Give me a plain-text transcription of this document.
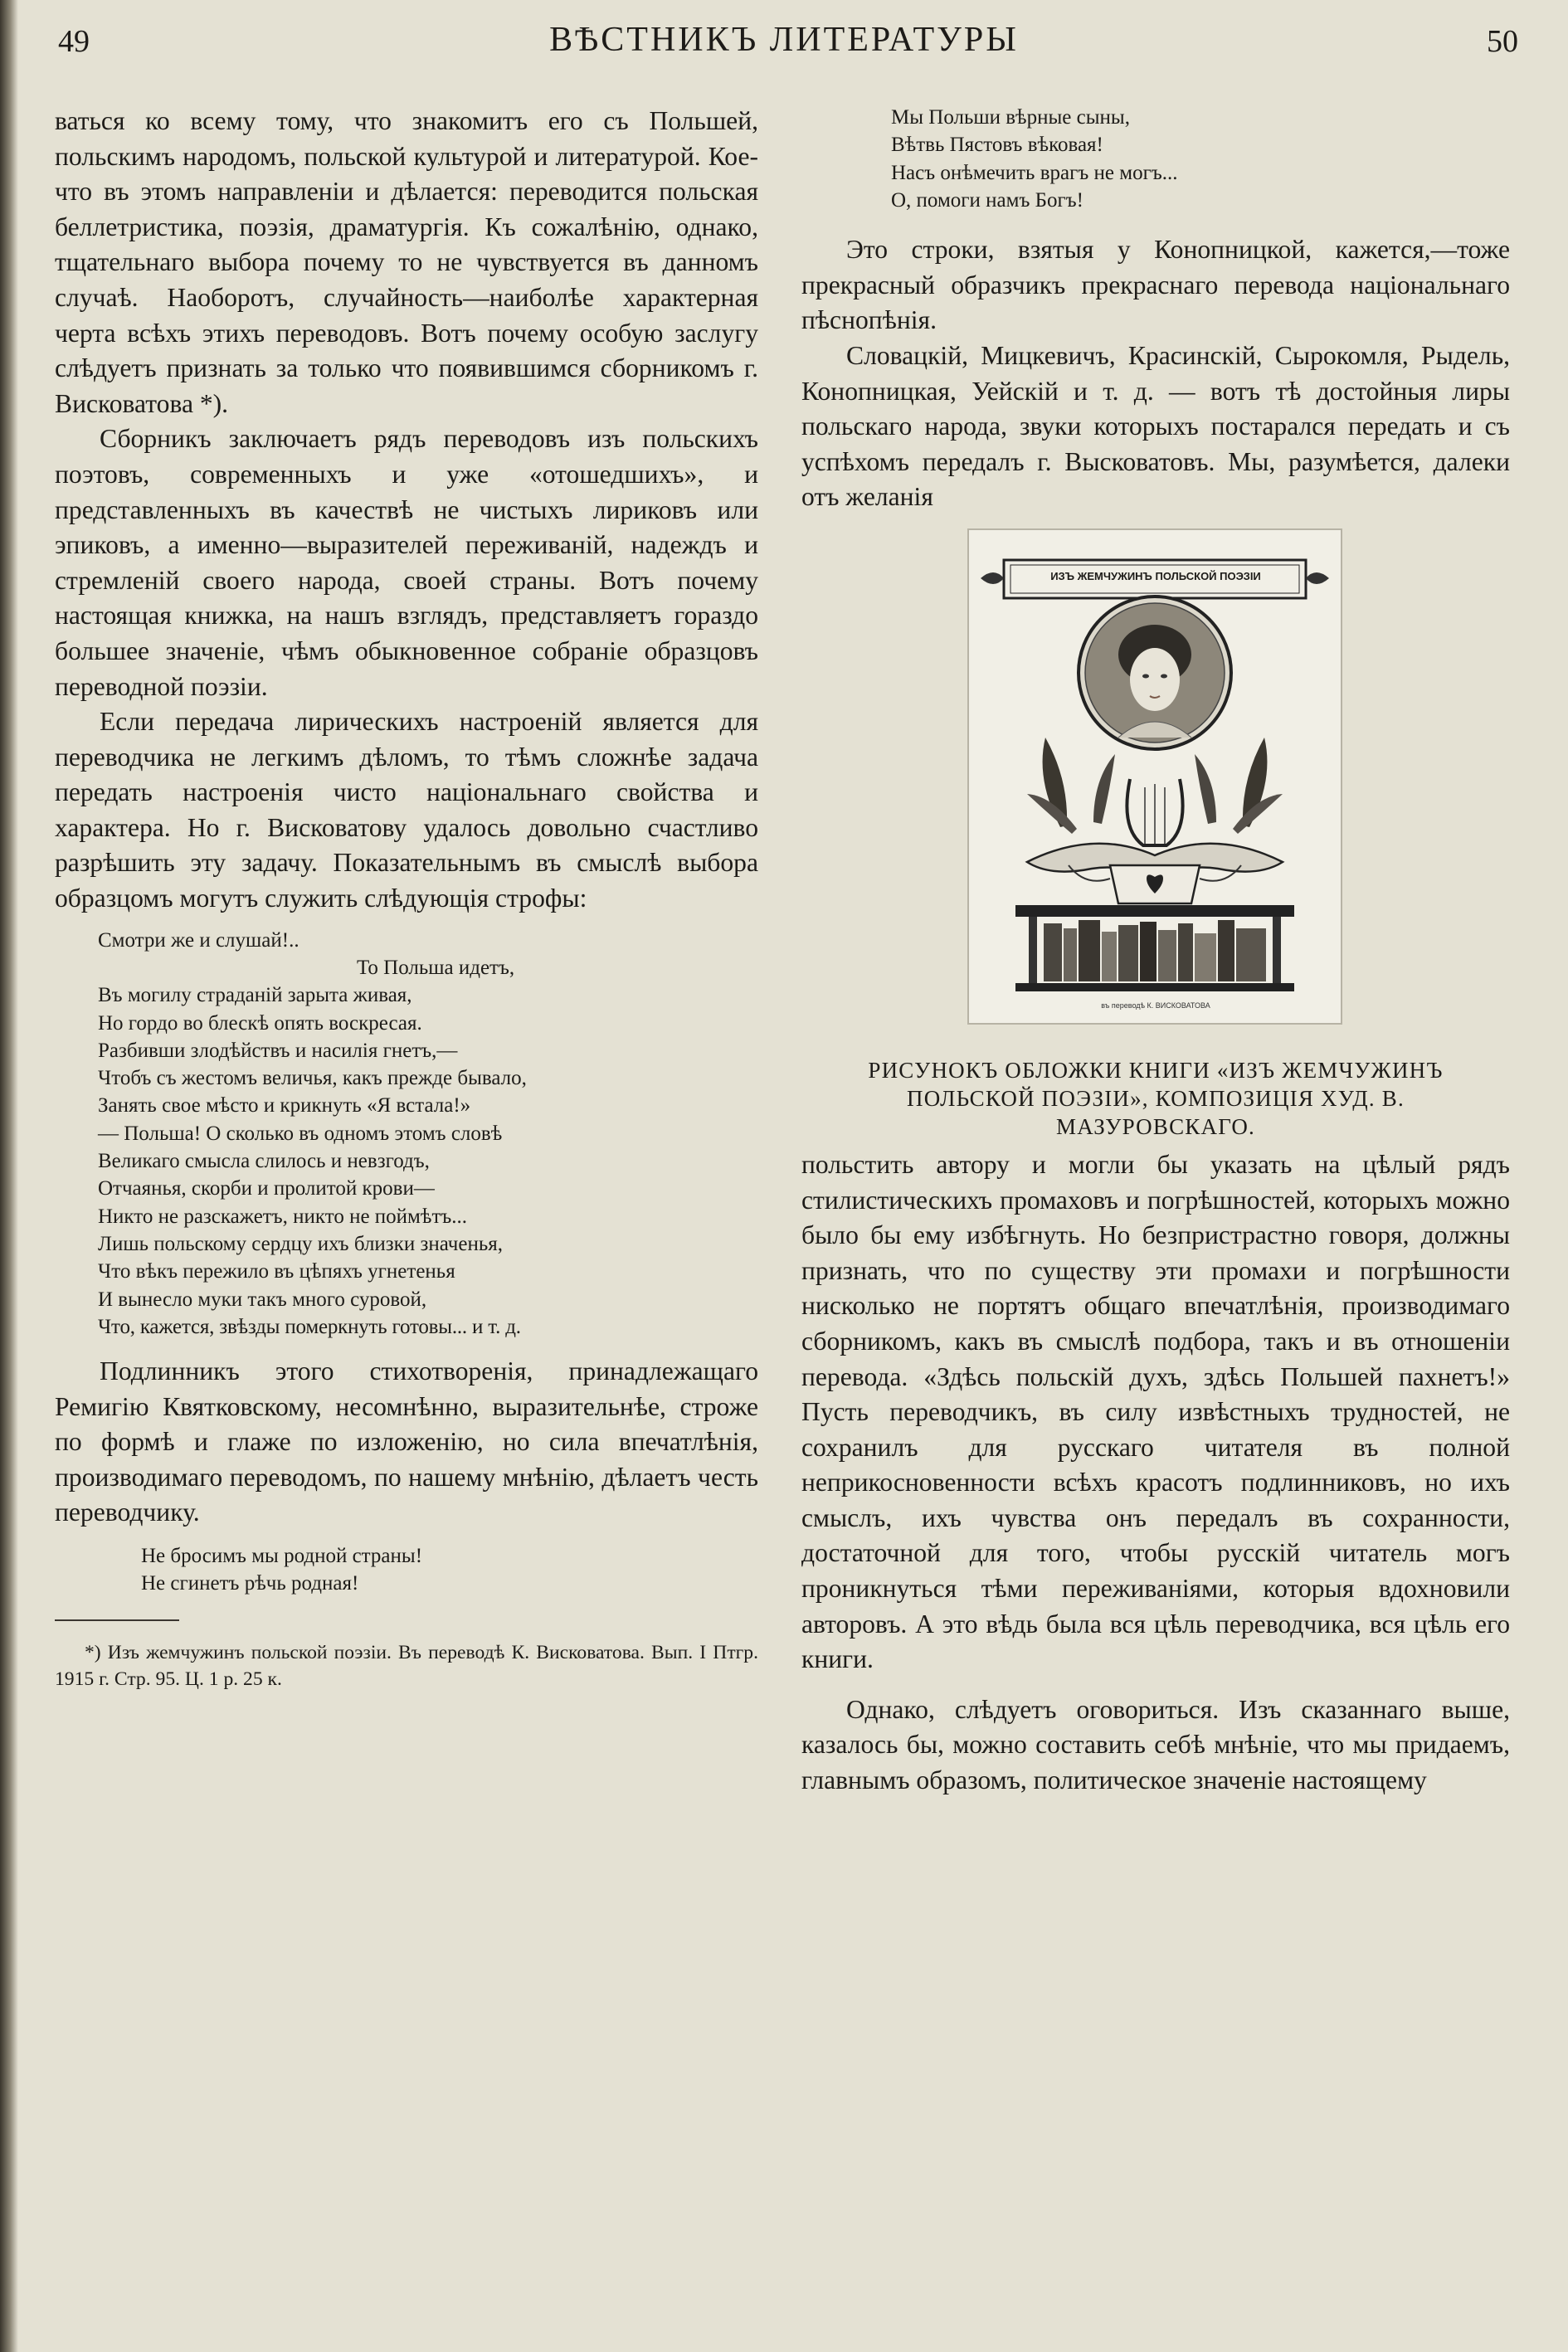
49	ВѢСТНИКЪ ЛИТЕРАТУРЫ	50

ваться ко всему тому, что знакомитъ его съ Польшей, польскимъ народомъ, польской культурой и литературой. Кое-что въ этомъ направленіи и дѣлается: переводится польская беллетристика, поэзія, драматургія. Къ сожалѣнію, однако, тщательнаго выбора почему то не чувствуется въ данномъ случаѣ. Наоборотъ, случайность—наиболѣе характерная черта всѣхъ этихъ переводовъ. Вотъ почему особую заслугу слѣдуетъ признать за только что появившимся сборникомъ г. Висковатова *).

Сборникъ заключаетъ рядъ переводовъ изъ польскихъ поэтовъ, современныхъ и уже «отошедшихъ», и представленныхъ въ качествѣ не чистыхъ лириковъ или эпиковъ, а именно—выразителей переживаній, надеждъ и стремленій своего народа, своей страны. Вотъ почему настоящая книжка, на нашъ взглядъ, представляетъ гораздо большее значеніе, чѣмъ обыкновенное собраніе образцовъ переводной поэзіи.

Если передача лирическихъ настроеній является для переводчика не легкимъ дѣломъ, то тѣмъ сложнѣе задача передать настроенія чисто національнаго свойства и характера. Но г. Висковатову удалось довольно счастливо разрѣшить эту задачу. Показательнымъ въ смыслѣ выбора образцомъ могутъ служить слѣдующія строфы:

Смотри же и слушай!..
То Польша идетъ,
Въ могилу страданій зарыта живая,
Но гордо во блескѣ опять воскресая.
Разбивши злодѣйствъ и насилія гнетъ,—
Чтобъ съ жестомъ величья, какъ прежде бывало,
Занять свое мѣсто и крикнуть «Я встала!»
— Польша! О сколько въ одномъ этомъ словѣ
Великаго смысла слилось и невзгодъ,
Отчаянья, скорби и пролитой крови—
Никто не разскажетъ, никто не поймѣтъ...
Лишь польскому сердцу ихъ близки значенья,
Что вѣкъ пережило въ цѣпяхъ угнетенья
И вынесло муки такъ много суровой,
Что, кажется, звѣзды померкнуть готовы... и т. д.

Подлинникъ этого стихотворенія, принадлежащаго Ремигію Квятковскому, несомнѣнно, выразительнѣе, строже по формѣ и глаже по изложенію, но сила впечатлѣнія, производимаго переводомъ, по нашему мнѣнію, дѣлаетъ честь переводчику.

Не бросимъ мы родной страны!
Не сгинетъ рѣчь родная!

*) Изъ жемчужинъ польской поэзіи. Въ переводѣ К. Висковатова. Вып. I Птгр. 1915 г. Стр. 95. Ц. 1 р. 25 к.

Мы Польши вѣрные сыны,
Вѣтвь Пястовъ вѣковая!
Насъ онѣмечить врагъ не могъ...
О, помоги намъ Богъ!

Это строки, взятыя у Конопницкой, кажется,—тоже прекрасный образчикъ прекраснаго перевода національнаго пѣснопѣнія.

Словацкій, Мицкевичъ, Красинскій, Сырокомля, Рыдель, Конопницкая, Уейскій и т. д. — вотъ тѣ достойныя лиры польскаго народа, звуки которыхъ постарался передать и съ успѣхомъ передалъ г. Высковатовъ. Мы, разумѣется, далеки отъ желанія

ИЗЪ ЖЕМЧУЖИНЪ ПОЛЬСКОЙ ПОЭЗІИ
въ переводѣ К. ВИСКОВАТОВА

РИСУНОКЪ ОБЛОЖКИ КНИГИ «ИЗЪ ЖЕМЧУЖИНЪ ПОЛЬСКОЙ ПОЭЗІИ», КОМПОЗИЦІЯ ХУД. В. МАЗУРОВСКАГО.

польстить автору и могли бы указать на цѣлый рядъ стилистическихъ промаховъ и погрѣшностей, которыхъ можно было бы ему избѣгнуть. Но безпристрастно говоря, должны признать, что по существу эти промахи и погрѣшности нисколько не портятъ общаго впечатлѣнія, производимаго сборникомъ, какъ въ смыслѣ подбора, такъ и въ отношеніи перевода. «Здѣсь польскій духъ, здѣсь Польшей пахнетъ!» Пусть переводчикъ, въ силу извѣстныхъ трудностей, не сохранилъ для русскаго читателя въ полной неприкосновенности всѣхъ красотъ подлинниковъ, но ихъ смыслъ, ихъ чувства онъ передалъ въ сохранности, достаточной для того, чтобы русскій читатель могъ проникнуться тѣми переживаніями, которыя вдохновили авторовъ. А это вѣдь была вся цѣль переводчика, вся цѣль его книги.

Однако, слѣдуетъ оговориться. Изъ сказаннаго выше, казалось бы, можно составить себѣ мнѣніе, что мы придаемъ, главнымъ образомъ, политическое значеніе настоящему
